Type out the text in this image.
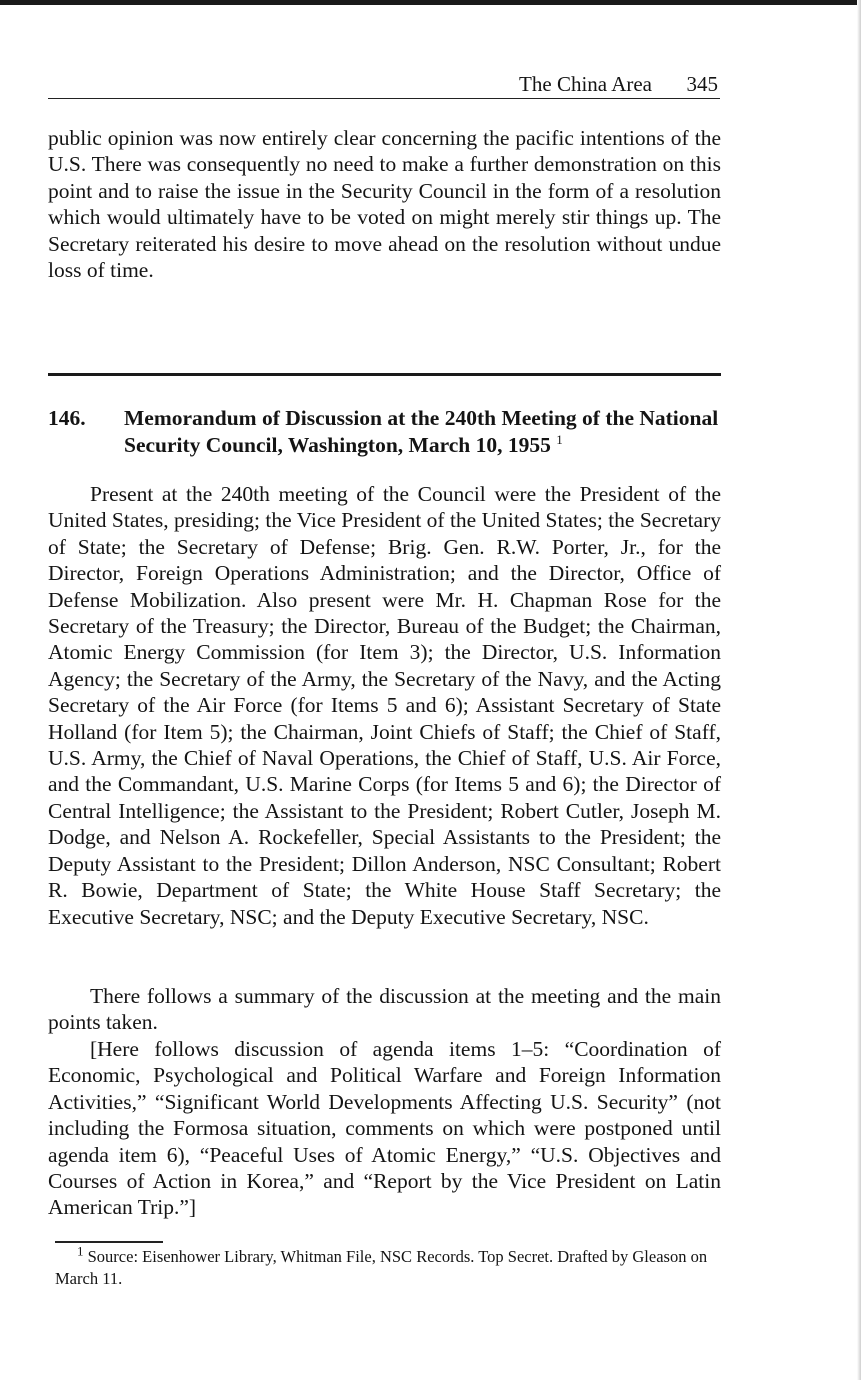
The China Area 345

public opinion was now entirely clear concerning the pacific intentions of the U.S. There was consequently no need to make a further demonstration on this point and to raise the issue in the Security Council in the form of a resolution which would ultimately have to be voted on might merely stir things up. The Secretary reiterated his desire to move ahead on the resolution without undue loss of time.

146. Memorandum of Discussion at the 240th Meeting of the National Security Council, Washington, March 10, 1955 $^1$

Present at the 240th meeting of the Council were the President of the United States, presiding; the Vice President of the United States; the Secretary of State; the Secretary of Defense; Brig. Gen. R.W. Porter, Jr., for the Director, Foreign Operations Administration; and the Director, Office of Defense Mobilization. Also present were Mr. H. Chapman Rose for the Secretary of the Treasury; the Director, Bureau of the Budget; the Chairman, Atomic Energy Commission (for Item 3); the Director, U.S. Information Agency; the Secretary of the Army, the Secretary of the Navy, and the Acting Secretary of the Air Force (for Items 5 and 6); Assistant Secretary of State Holland (for Item 5); the Chairman, Joint Chiefs of Staff; the Chief of Staff, U.S. Army, the Chief of Naval Operations, the Chief of Staff, U.S. Air Force, and the Commandant, U.S. Marine Corps (for Items 5 and 6); the Director of Central Intelligence; the Assistant to the President; Robert Cutler, Joseph M. Dodge, and Nelson A. Rockefeller, Special Assistants to the President; the Deputy Assistant to the President; Dillon Anderson, NSC Consultant; Robert R. Bowie, Department of State; the White House Staff Secretary; the Executive Secretary, NSC; and the Deputy Executive Secretary, NSC.

There follows a summary of the discussion at the meeting and the main points taken.

[Here follows discussion of agenda items 1–5: “Coordination of Economic, Psychological and Political Warfare and Foreign Information Activities,” “Significant World Developments Affecting U.S. Security” (not including the Formosa situation, comments on which were postponed until agenda item 6), “Peaceful Uses of Atomic Energy,” “U.S. Objectives and Courses of Action in Korea,” and “Report by the Vice President on Latin American Trip.”]

$^1$ Source: Eisenhower Library, Whitman File, NSC Records. Top Secret. Drafted by Gleason on March 11.
